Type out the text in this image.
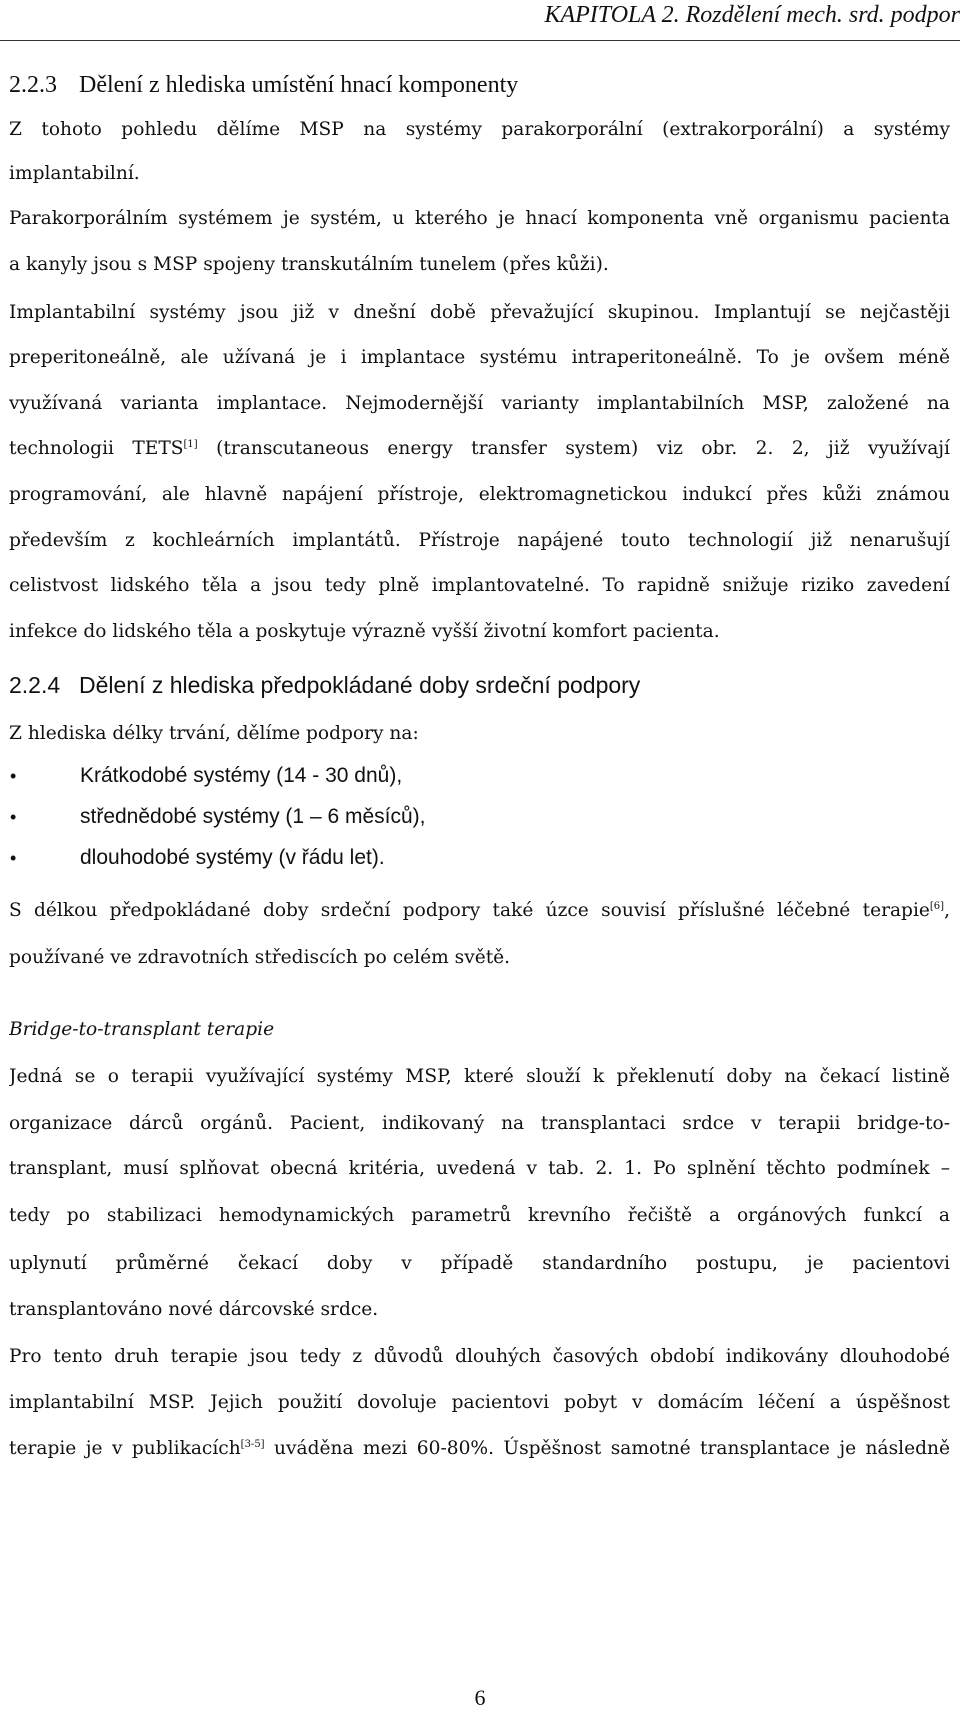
KAPITOLA 2. Rozdělení mech. srd. podpor
2.2.3 Dělení z hlediska umístění hnací komponenty
Z tohoto pohledu dělíme MSP na systémy parakorporální (extrakorporální) a systémy
implantabilní.
Parakorporálním systémem je systém, u kterého je hnací komponenta vně organismu pacienta
a kanyly jsou s MSP spojeny transkutálním tunelem (přes kůži).
Implantabilní systémy jsou již v dnešní době převažující skupinou. Implantují se nejčastěji
preperitoneálně, ale užívaná je i implantace systému intraperitoneálně. To je ovšem méně
využívaná varianta implantace. Nejmodernější varianty implantabilních MSP, založené na
technologii TETS[1] (transcutaneous energy transfer system) viz obr. 2. 2, již využívají
programování, ale hlavně napájení přístroje, elektromagnetickou indukcí přes kůži známou
především z kochleárních implantátů. Přístroje napájené touto technologií již nenarušují
celistvost lidského těla a jsou tedy plně implantovatelné. To rapidně snižuje riziko zavedení
infekce do lidského těla a poskytuje výrazně vyšší životní komfort pacienta.
2.2.4 Dělení z hlediska předpokládané doby srdeční podpory
Z hlediska délky trvání, dělíme podpory na:
•	Krátkodobé systémy (14 - 30 dnů),
•	střednědobé systémy (1 – 6 měsíců),
•	dlouhodobé systémy (v řádu let).
S délkou předpokládané doby srdeční podpory také úzce souvisí příslušné léčebné terapie[6],
používané ve zdravotních střediscích po celém světě.
Bridge-to-transplant terapie
Jedná se o terapii využívající systémy MSP, které slouží k překlenutí doby na čekací listině
organizace dárců orgánů. Pacient, indikovaný na transplantaci srdce v terapii bridge-to-
transplant, musí splňovat obecná kritéria, uvedená v tab. 2. 1. Po splnění těchto podmínek –
tedy po stabilizaci hemodynamických parametrů krevního řečiště a orgánových funkcí a
uplynutí průměrné čekací doby v případě standardního postupu, je pacientovi
transplantováno nové dárcovské srdce.
Pro tento druh terapie jsou tedy z důvodů dlouhých časových období indikovány dlouhodobé
implantabilní MSP. Jejich použití dovoluje pacientovi pobyt v domácím léčení a úspěšnost
terapie je v publikacích[3-5] uváděna mezi 60-80%. Úspěšnost samotné transplantace je následně
6
